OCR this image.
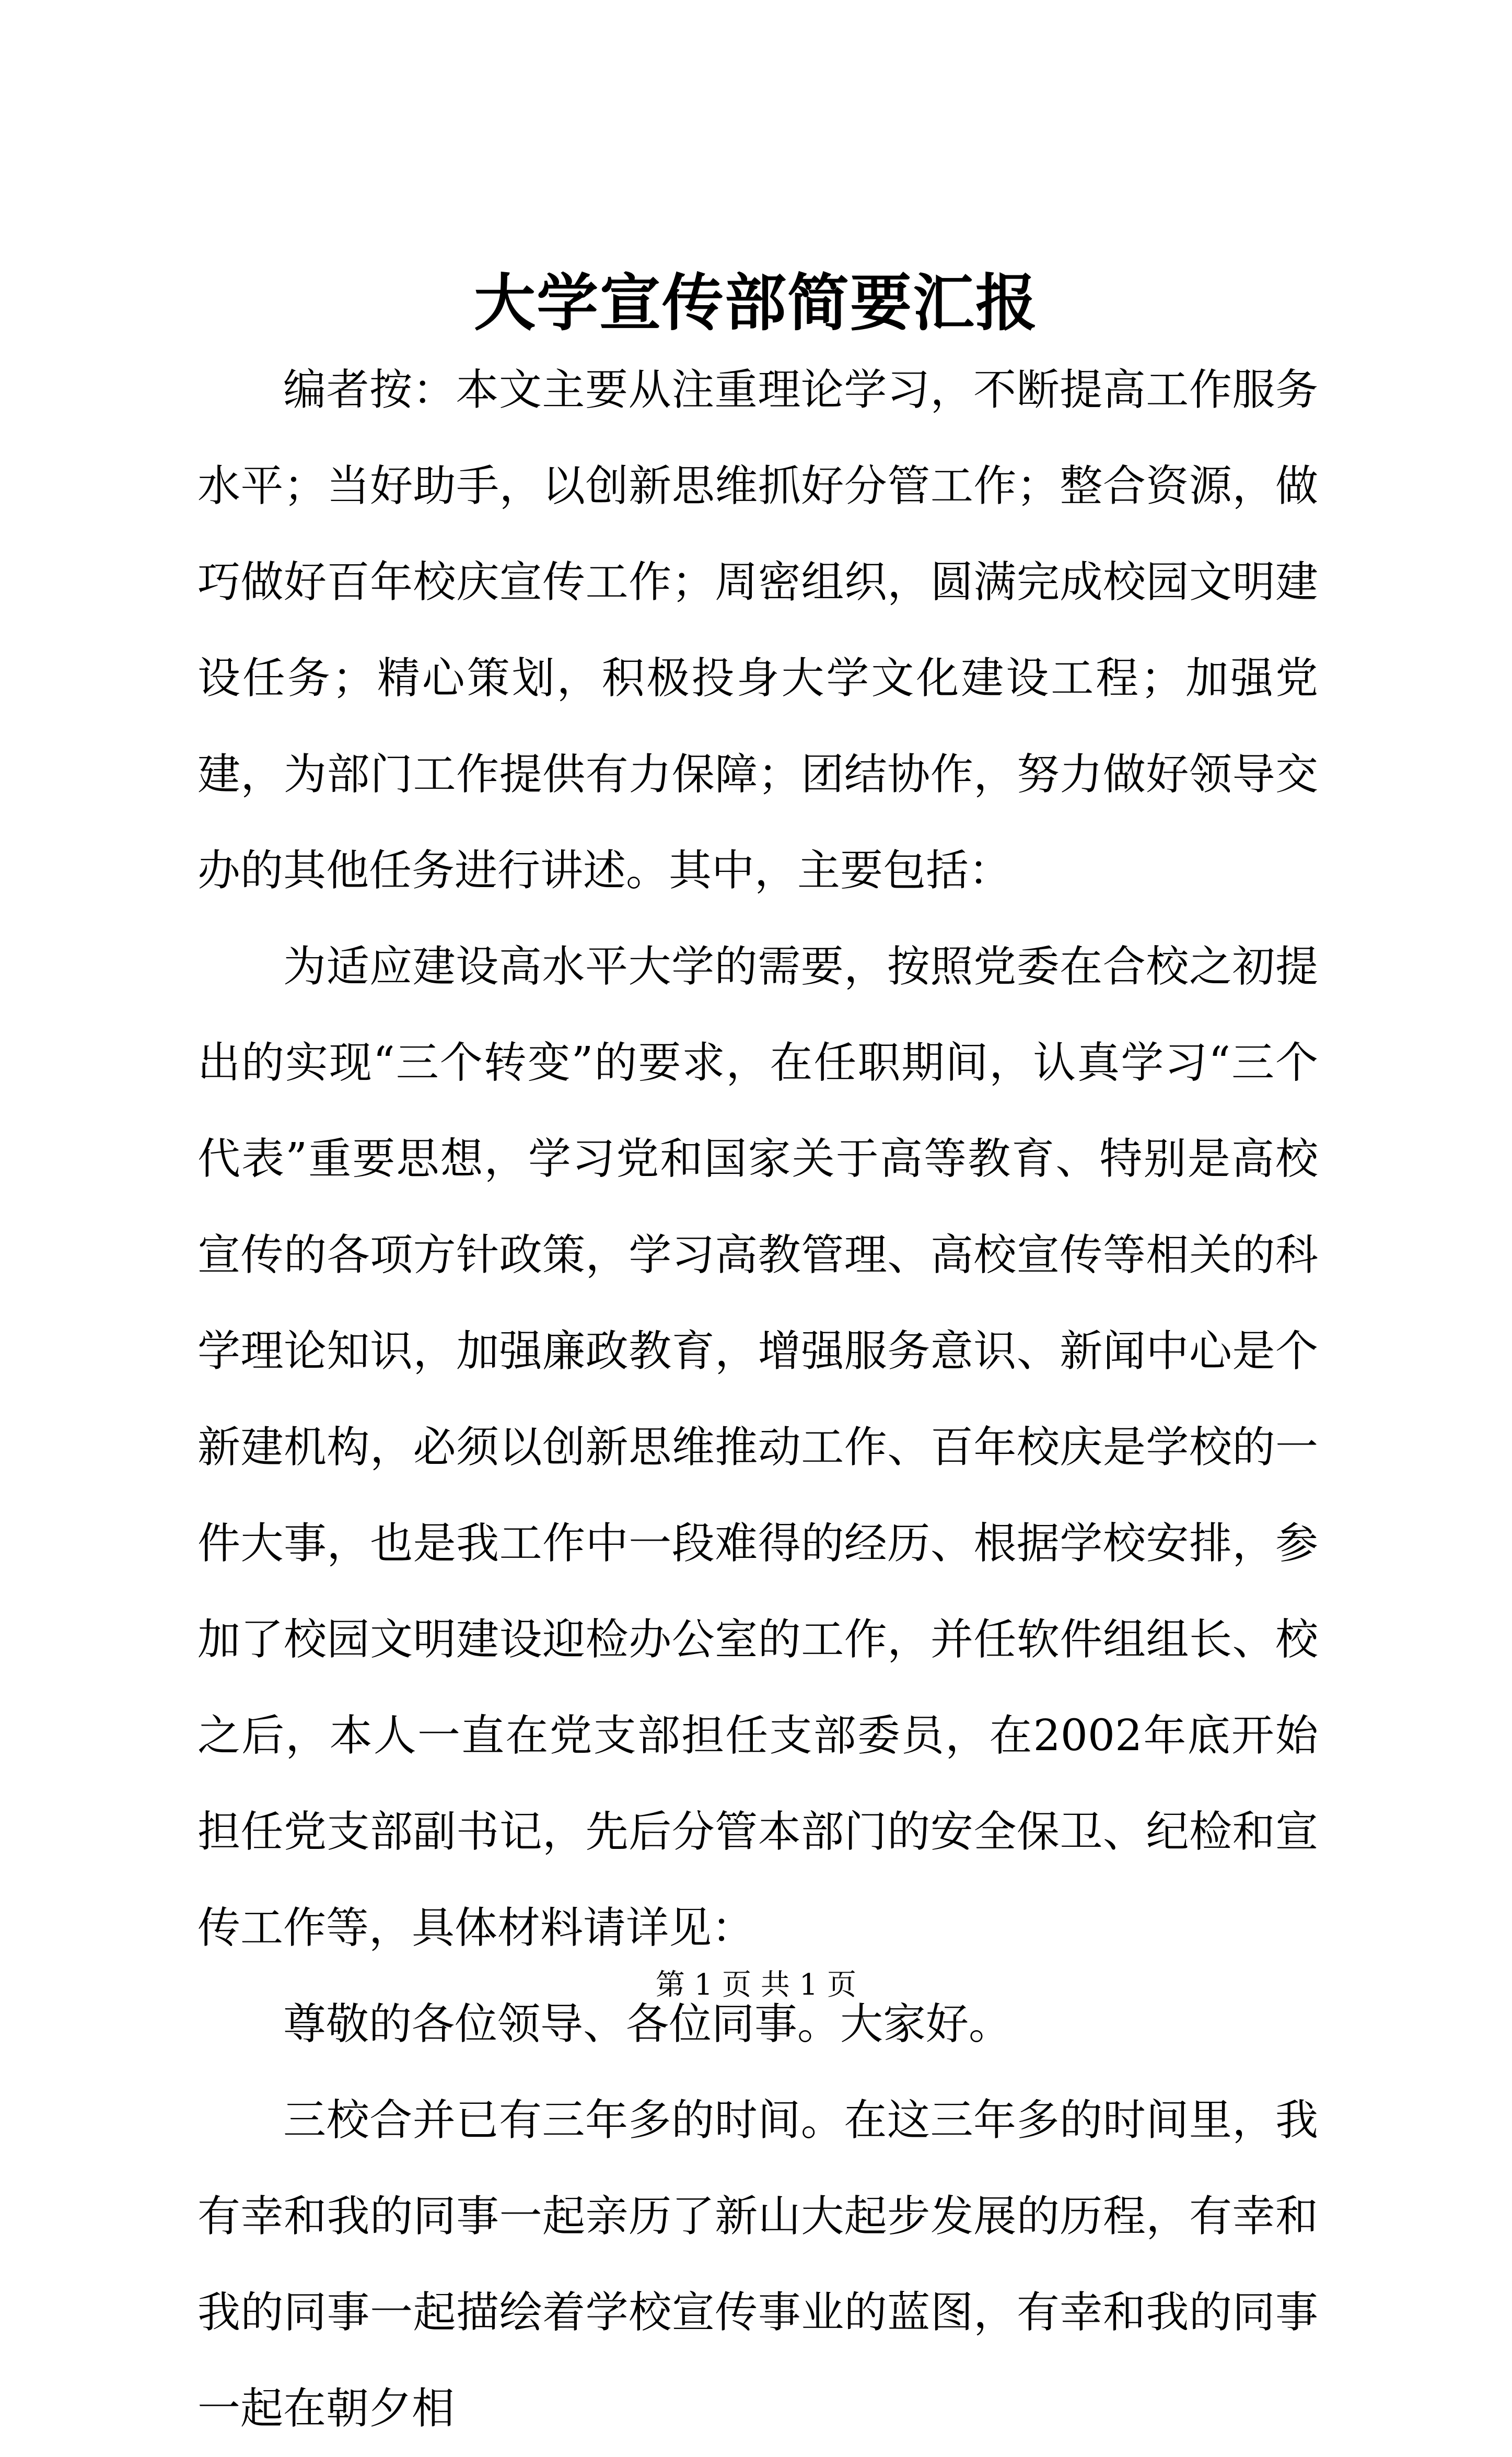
大学宣传部简要汇报

编者按：本文主要从注重理论学习，不断提高工作服务水平；当好助手，以创新思维抓好分管工作；整合资源，做巧做好百年校庆宣传工作；周密组织，圆满完成校园文明建设任务；精心策划，积极投身大学文化建设工程；加强党建，为部门工作提供有力保障；团结协作，努力做好领导交办的其他任务进行讲述。其中，主要包括：

为适应建设高水平大学的需要，按照党委在合校之初提出的实现“三个转变”的要求，在任职期间，认真学习“三个代表”重要思想，学习党和国家关于高等教育、特别是高校宣传的各项方针政策，学习高教管理、高校宣传等相关的科学理论知识，加强廉政教育，增强服务意识、新闻中心是个新建机构，必须以创新思维推动工作、百年校庆是学校的一件大事，也是我工作中一段难得的经历、根据学校安排，参加了校园文明建设迎检办公室的工作，并任软件组组长、校之后，本人一直在党支部担任支部委员，在2002年底开始担任党支部副书记，先后分管本部门的安全保卫、纪检和宣传工作等，具体材料请详见：

尊敬的各位领导、各位同事。大家好。

三校合并已有三年多的时间。在这三年多的时间里，我有幸和我的同事一起亲历了新山大起步发展的历程，有幸和我的同事一起描绘着学校宣传事业的蓝图，有幸和我的同事一起在朝夕相

第 1 页 共 1 页
